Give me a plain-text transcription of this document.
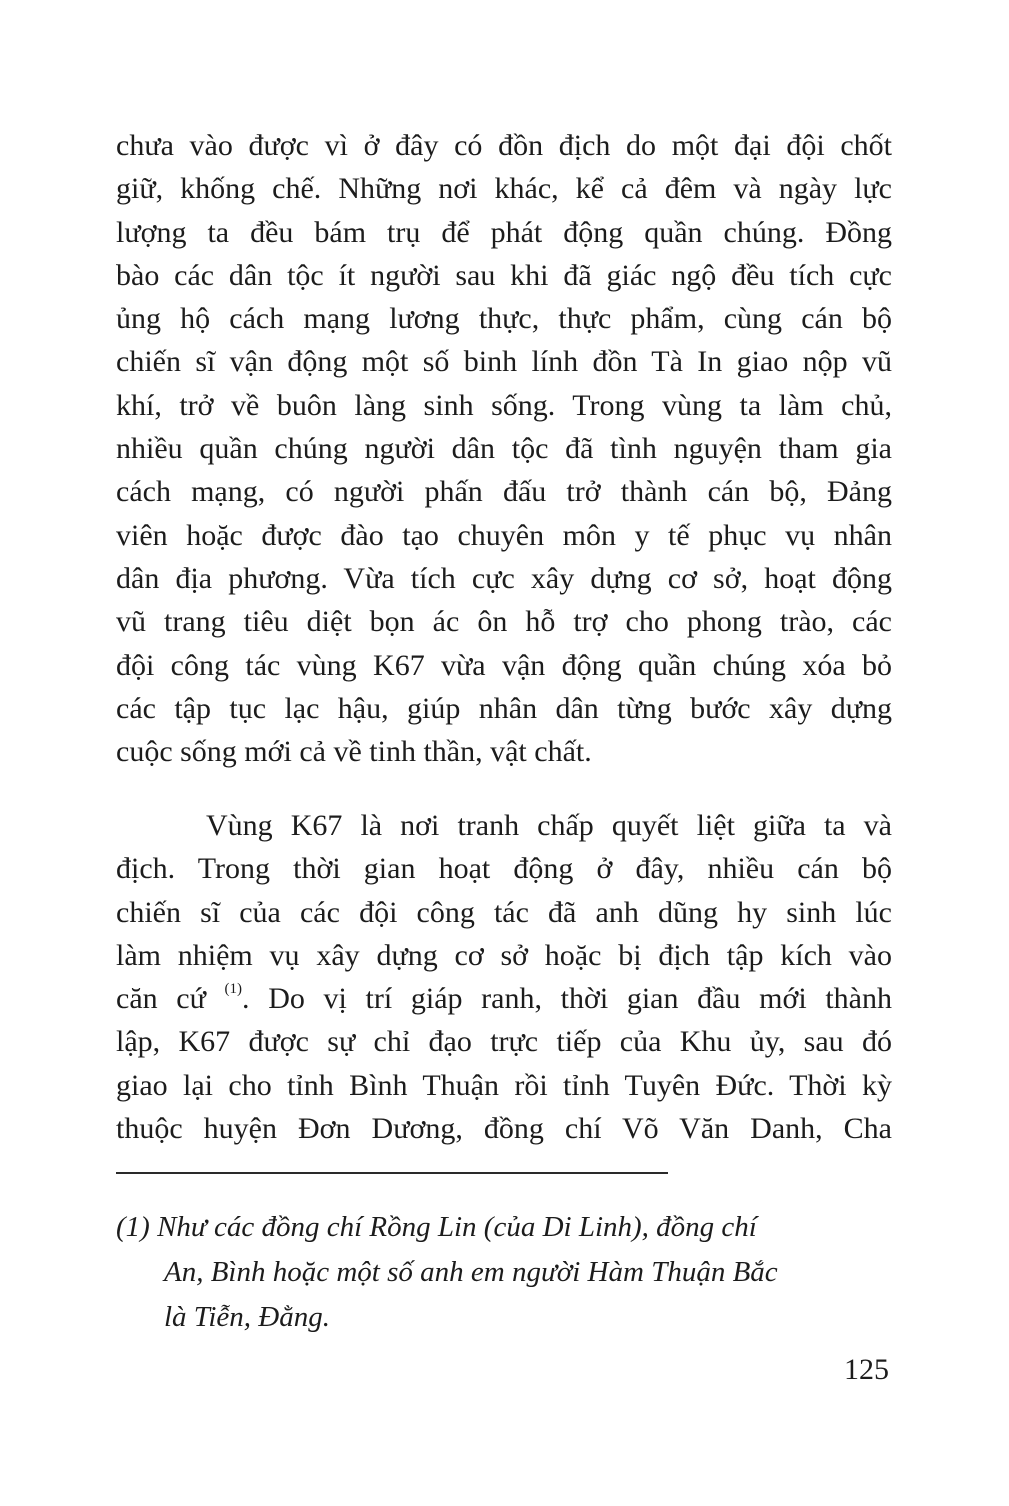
chưa vào được vì ở đây có đồn địch do một đại đội chốt
giữ, khống chế. Những nơi khác, kể cả đêm và ngày lực
lượng ta đều bám trụ để phát động quần chúng. Đồng
bào các dân tộc ít người sau khi đã giác ngộ đều tích cực
ủng hộ cách mạng lương thực, thực phẩm, cùng cán bộ
chiến sĩ vận động một số binh lính đồn Tà In giao nộp vũ
khí, trở về buôn làng sinh sống. Trong vùng ta làm chủ,
nhiều quần chúng người dân tộc đã tình nguyện tham gia
cách mạng, có người phấn đấu trở thành cán bộ, Đảng
viên hoặc được đào tạo chuyên môn y tế phục vụ nhân
dân địa phương. Vừa tích cực xây dựng cơ sở, hoạt động
vũ trang tiêu diệt bọn ác ôn hỗ trợ cho phong trào, các
đội công tác vùng K67 vừa vận động quần chúng xóa bỏ
các tập tục lạc hậu, giúp nhân dân từng bước xây dựng
cuộc sống mới cả về tinh thần, vật chất.
Vùng K67 là nơi tranh chấp quyết liệt giữa ta và
địch. Trong thời gian hoạt động ở đây, nhiều cán bộ
chiến sĩ của các đội công tác đã anh dũng hy sinh lúc
làm nhiệm vụ xây dựng cơ sở hoặc bị địch tập kích vào
căn cứ $^{(1)}$. Do vị trí giáp ranh, thời gian đầu mới thành
lập, K67 được sự chỉ đạo trực tiếp của Khu ủy, sau đó
giao lại cho tỉnh Bình Thuận rồi tỉnh Tuyên Đức. Thời kỳ
thuộc huyện Đơn Dương, đồng chí Võ Văn Danh, Cha
(1) Như các đồng chí Rồng Lin (của Di Linh), đồng chí
An, Bình hoặc một số anh em người Hàm Thuận Bắc
là Tiễn, Đằng.
125
